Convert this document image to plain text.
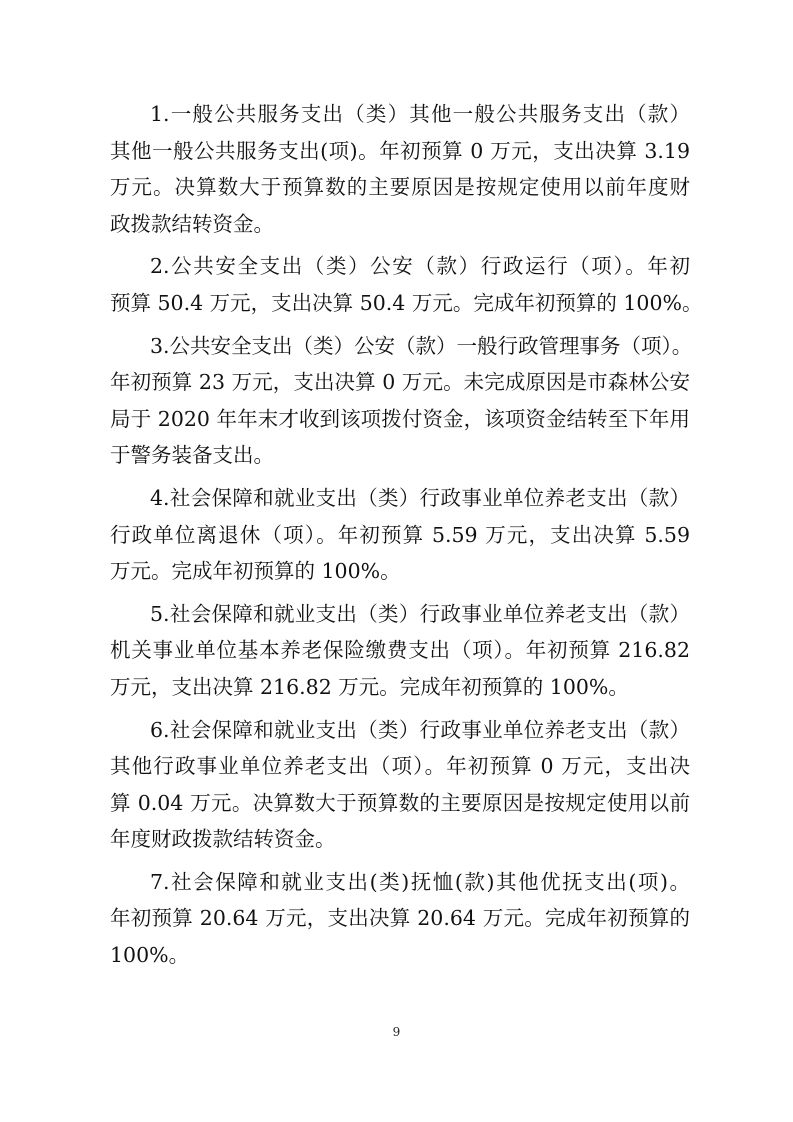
1.一般公共服务支出（类）其他一般公共服务支出（款）
其他一般公共服务支出(项)。年初预算 0 万元，支出决算 3.19
万元。决算数大于预算数的主要原因是按规定使用以前年度财
政拨款结转资金。
2.公共安全支出（类）公安（款）行政运行（项）。年初
预算 50.4 万元，支出决算 50.4 万元。完成年初预算的 100%。
3.公共安全支出（类）公安（款）一般行政管理事务（项）。
年初预算 23 万元，支出决算 0 万元。未完成原因是市森林公安
局于 2020 年年末才收到该项拨付资金，该项资金结转至下年用
于警务装备支出。
4.社会保障和就业支出（类）行政事业单位养老支出（款）
行政单位离退休（项）。年初预算 5.59 万元，支出决算 5.59
万元。完成年初预算的 100%。
5.社会保障和就业支出（类）行政事业单位养老支出（款）
机关事业单位基本养老保险缴费支出（项）。年初预算 216.82
万元，支出决算 216.82 万元。完成年初预算的 100%。
6.社会保障和就业支出（类）行政事业单位养老支出（款）
其他行政事业单位养老支出（项）。年初预算 0 万元，支出决
算 0.04 万元。决算数大于预算数的主要原因是按规定使用以前
年度财政拨款结转资金。
7.社会保障和就业支出(类)抚恤(款)其他优抚支出(项)。
年初预算 20.64 万元，支出决算 20.64 万元。完成年初预算的
100%。
9
